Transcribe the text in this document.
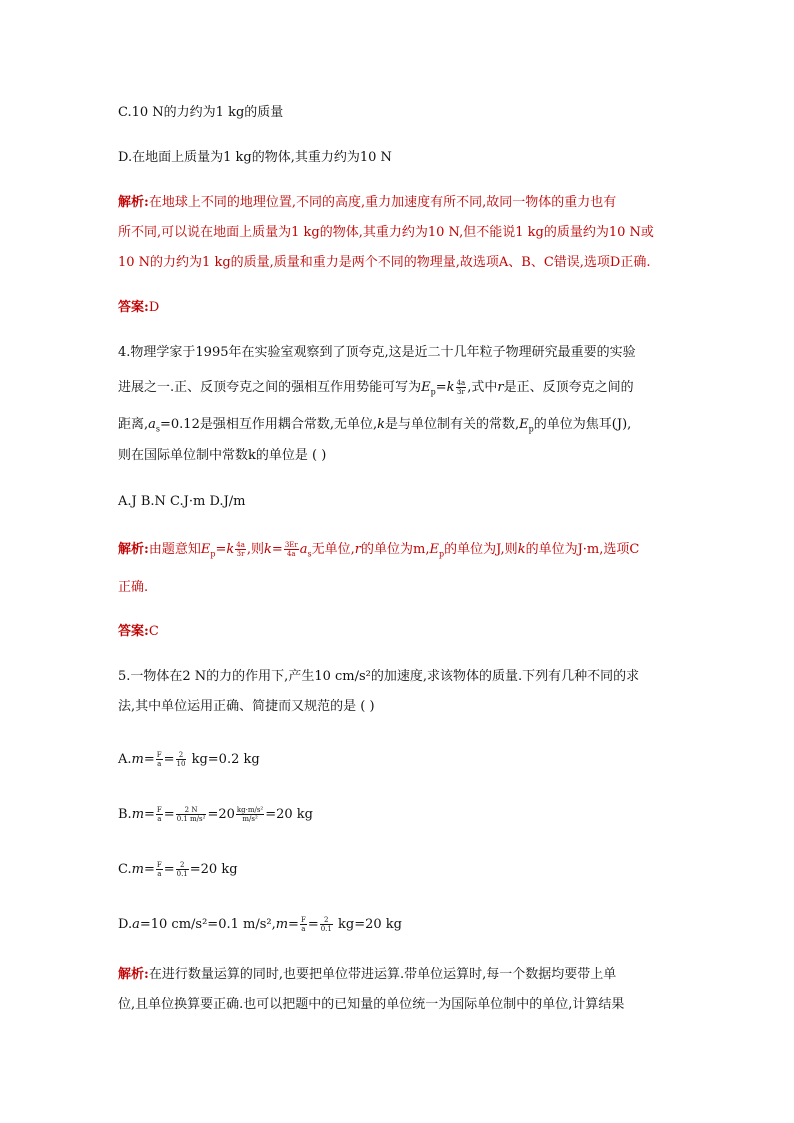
C.10 N的力约为1 kg的质量
D.在地面上质量为1 kg的物体,其重力约为10 N
解析:在地球上不同的地理位置,不同的高度,重力加速度有所不同,故同一物体的重力也有
所不同,可以说在地面上质量为1 kg的物体,其重力约为10 N,但不能说1 kg的质量约为10 N或
10 N的力约为1 kg的质量,质量和重力是两个不同的物理量,故选项A、B、C错误,选项D正确.
答案:D
4.物理学家于1995年在实验室观察到了顶夸克,这是近二十几年粒子物理研究最重要的实验
进展之一.正、反顶夸克之间的强相互作用势能可写为$E_p=k \frac{4a}{3r}$ ,式中r是正、反顶夸克之间的
距离$,a_s=0.12$是强相互作用耦合常数,无单位,k是与单位制有关的常数$,E_p$的单位为焦耳(J),
则在国际单位制中常数k的单位是 ( )
A.J B.N C.J·m D.J/m
解析:由题意知$E_p=k \frac{4a}{3r}$ ,则$k= \frac{3Er}{4a} a_s$无单位,r的单位为$m,E_p$的单位为J,则k的单位为J·m,选项C
正确.
答案:C
5.一物体在2 N的力的作用下,产生10 cm/s²的加速度,求该物体的质量.下列有几种不同的求
法,其中单位运用正确、简捷而又规范的是 ( )
$A.m= \frac{F}{a} = \frac{2}{10} kg=0.2$ kg
$B.m= \frac{F}{a} = \frac{2 N}{\text{0.1 m/s²}} =20 \frac{\text{kg·m/s²}}{\text{m/s²}} =20$ kg
$C.m= \frac{F}{a} = \frac{2}{0.1} =20$ kg
D.a=10 cm/s²=0.1 $m/s^2,m= \frac{F}{a} = \frac{2}{0.1} kg=20$ kg
解析:在进行数量运算的同时,也要把单位带进运算.带单位运算时,每一个数据均要带上单
位,且单位换算要正确.也可以把题中的已知量的单位统一为国际单位制中的单位,计算结果
